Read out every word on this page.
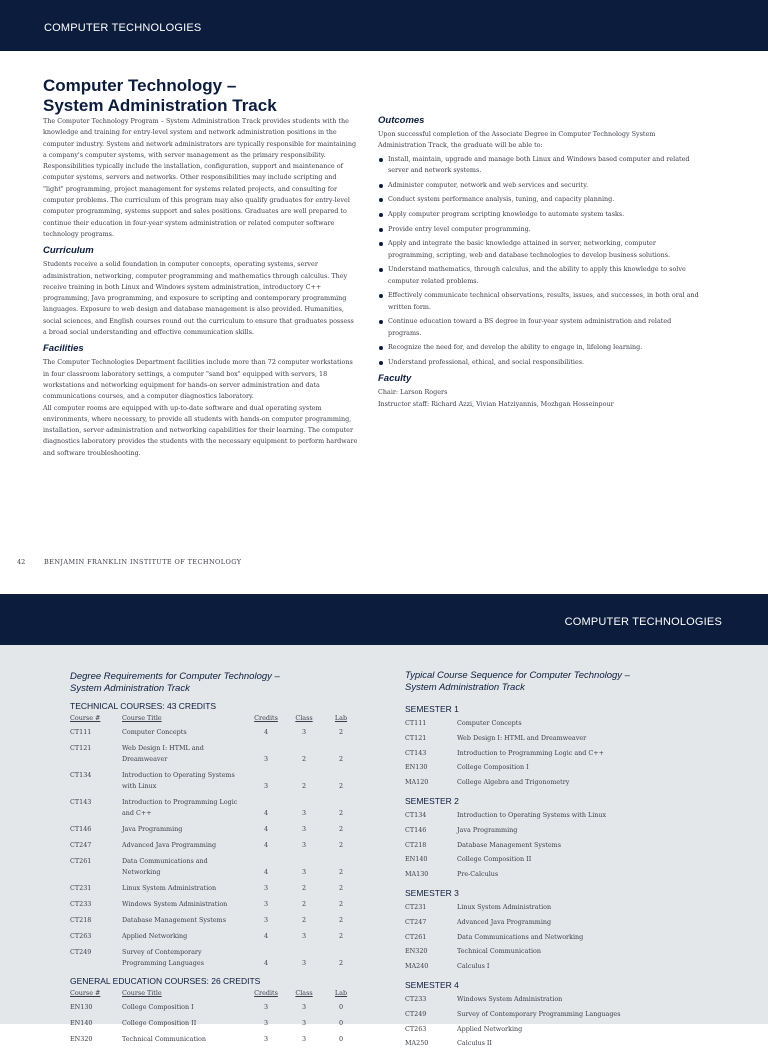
COMPUTER TECHNOLOGIES
Computer Technology –
System Administration Track

The Computer Technology Program – System Administration Track provides students with the knowledge and training for entry-level system and network administration positions in the computer industry. System and network administrators are typically responsible for maintaining a company's computer systems, with server management as the primary responsibility. Responsibilities typically include the installation, configuration, support and maintenance of computer systems, servers and networks. Other responsibilities may include scripting and "light" programming, project management for systems related projects, and consulting for computer problems. The curriculum of this program may also qualify graduates for entry-level computer programming, systems support and sales positions. Graduates are well prepared to continue their education in four-year system administration or related computer software technology programs.

Curriculum

Students receive a solid foundation in computer concepts, operating systems, server administration, networking, computer programming and mathematics through calculus. They receive training in both Linux and Windows system administration, introductory C++ programming, Java programming, and exposure to scripting and contemporary programming languages. Exposure to web design and database management is also provided. Humanities, social sciences, and English courses round out the curriculum to ensure that graduates possess a broad social understanding and effective communication skills.

Facilities

The Computer Technologies Department facilities include more than 72 computer workstations in four classroom laboratory settings, a computer "sand box" equipped with servers, 18 workstations and networking equipment for hands-on server administration and data communications courses, and a computer diagnostics laboratory.

All computer rooms are equipped with up-to-date software and dual operating system environments, where necessary, to provide all students with hands-on computer programming, installation, server administration and networking capabilities for their learning. The computer diagnostics laboratory provides the students with the necessary equipment to perform hardware and software troubleshooting.

Outcomes

Upon successful completion of the Associate Degree in Computer Technology System Administration Track, the graduate will be able to:

Install, maintain, upgrade and manage both Linux and Windows based computer and related server and network systems.
Administer computer, network and web services and security.
Conduct system performance analysis, tuning, and capacity planning.
Apply computer program scripting knowledge to automate system tasks.
Provide entry level computer programming.
Apply and integrate the basic knowledge attained in server, networking, computer programming, scripting, web and database technologies to develop business solutions.
Understand mathematics, through calculus, and the ability to apply this knowledge to solve computer related problems.
Effectively communicate technical observations, results, issues, and successes, in both oral and written form.
Continue education toward a BS degree in four-year system administration and related programs.
Recognize the need for, and develop the ability to engage in, lifelong learning.
Understand professional, ethical, and social responsibilities.
Faculty

Chair: Larson Rogers

Instructor staff: Richard Azzi, Vivian Hatziyannis, Mozhgan Hosseinpour

42	BENJAMIN FRANKLIN INSTITUTE OF TECHNOLOGY
COMPUTER TECHNOLOGIES
Degree Requirements for Computer Technology –
System Administration Track
TECHNICAL COURSES: 43 CREDITS
Course #	Course Title	Credits	Class	Lab
CT111	Computer Concepts	4	3	2
CT121	Web Design I: HTML and Dreamweaver	3	2	2
CT134	Introduction to Operating Systems with Linux	3	2	2
CT143	Introduction to Programming Logic and C++	4	3	2
CT146	Java Programming	4	3	2
CT247	Advanced Java Programming	4	3	2
CT261	Data Communications and Networking	4	3	2
CT231	Linux System Administration	3	2	2
CT233	Windows System Administration	3	2	2
CT218	Database Management Systems	3	2	2
CT263	Applied Networking	4	3	2
CT249	Survey of Contemporary Programming Languages	4	3	2
GENERAL EDUCATION COURSES: 26 CREDITS
Course #	Course Title	Credits	Class	Lab
EN130	College Composition I	3	3	0
EN140	College Composition II	3	3	0
EN320	Technical Communication	3	3	0
Typical Course Sequence for Computer Technology –
System Administration Track
SEMESTER 1
CT111	Computer Concepts
CT121	Web Design I: HTML and Dreamweaver
CT143	Introduction to Programming Logic and C++
EN130	College Composition I
MA120	College Algebra and Trigonometry
SEMESTER 2
CT134	Introduction to Operating Systems with Linux
CT146	Java Programming
CT218	Database Management Systems
EN140	College Composition II
MA130	Pre-Calculus
SEMESTER 3
CT231	Linux System Administration
CT247	Advanced Java Programming
CT261	Data Communications and Networking
EN320	Technical Communication
MA240	Calculus I
SEMESTER 4
CT233	Windows System Administration
CT249	Survey of Contemporary Programming Languages
CT263	Applied Networking
MA250	Calculus II
